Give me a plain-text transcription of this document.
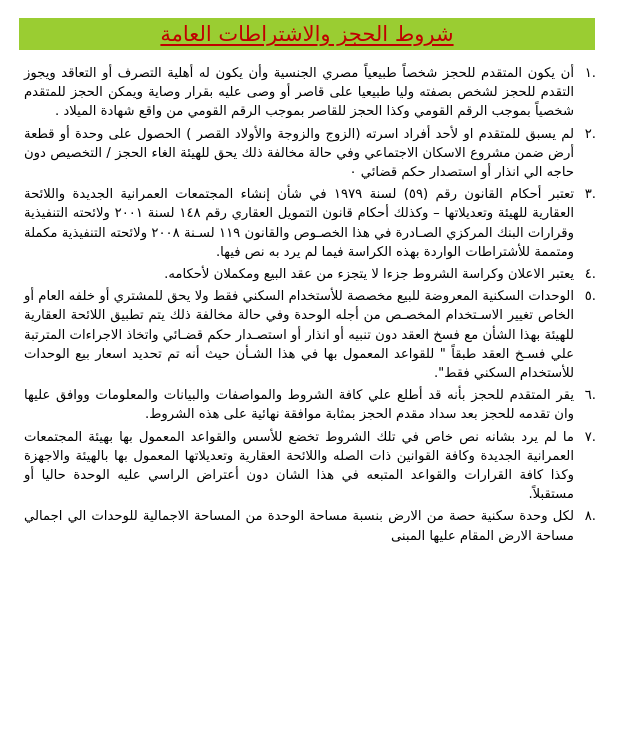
شروط الحجز والاشتراطات العامة
١.
أن يكون المتقدم للحجز شخصاً طبيعياً مصري الجنسية وأن يكون له أهلية التصرف أو التعاقد ويجوز التقدم للحجز لشخص بصفته وليا طبيعيا على قاصر أو وصى عليه بقرار وصاية ويمكن الحجز للمتقدم شخصياً بموجب الرقم القومي وكذا الحجز للقاصر بموجب الرقم القومي من واقع شهادة الميلاد .
٢.
لم يسبق للمتقدم او لأحد أفراد اسرته (الزوج والزوجة والأولاد القصر ) الحصول على وحدة أو قطعة أرض ضمن مشروع الاسكان الاجتماعي وفي حالة مخالفة ذلك يحق للهيئة الغاء الحجز / التخصيص دون حاجه الي انذار أو استصدار حكم قضائي ٠
٣.
تعتبر أحكام القانون رقم (٥٩) لسنة ١٩٧٩ في شأن إنشاء المجتمعات العمرانية الجديدة واللائحة العقارية للهيئة وتعديلاتها – وكذلك أحكام قانون التمويل العقاري رقم ١٤٨ لسنة ٢٠٠١ ولائحته التنفيذية وقرارات البنك المركزي الصـادرة في هذا الخصـوص والقانون ١١٩ لسـنة ٢٠٠٨ ولائحته التنفيذية مكملة ومتممة للأشتراطات الواردة بهذه الكراسة فيما لم يرد به نص فيها.
٤.
يعتبر الاعلان وكراسة الشروط جزءا لا يتجزء من عقد البيع ومكملان لأحكامه.
٥.
الوحدات السكنية المعروضة للبيع مخصصة للأستخدام السكني فقط ولا يحق للمشتري أو خلفه العام أو الخاص تغيير الاسـتخدام المخصـص من أجله الوحدة وفي حالة مخالفة ذلك يتم تطبيق اللائحة العقارية للهيئة بهذا الشأن مع فسخ العقد دون تنبيه أو انذار أو استصـدار حكم قضـائي واتخاذ الاجراءات المترتبة علي فسـخ العقد طبقاً " للقواعد المعمول بها في هذا الشـأن حيث أنه تم تحديد اسعار بيع الوحدات للأستخدام السكني فقط".
٦.
يقر المتقدم للحجز بأنه قد أطلع علي كافة الشروط والمواصفات والبيانات والمعلومات ووافق عليها وان تقدمه للحجز بعد سداد مقدم الحجز بمثابة موافقة نهائية على هذه الشروط.
٧.
ما لم يرد بشانه نص خاص في تلك الشروط تخضع للأسس والقواعد المعمول بها بهيئة المجتمعات العمرانية الجديدة وكافة القوانين ذات الصله واللائحة العقارية وتعديلاتها المعمول بها بالهيئة والاجهزة وكذا كافة القرارات والقواعد المتبعه في هذا الشان دون أعتراض الراسي عليه الوحدة حاليا أو مستقبلاً.
٨.
لكل وحدة سكنية حصة من الارض بنسبة مساحة الوحدة من المساحة الاجمالية للوحدات الي اجمالي مساحة الارض المقام عليها المبنى
